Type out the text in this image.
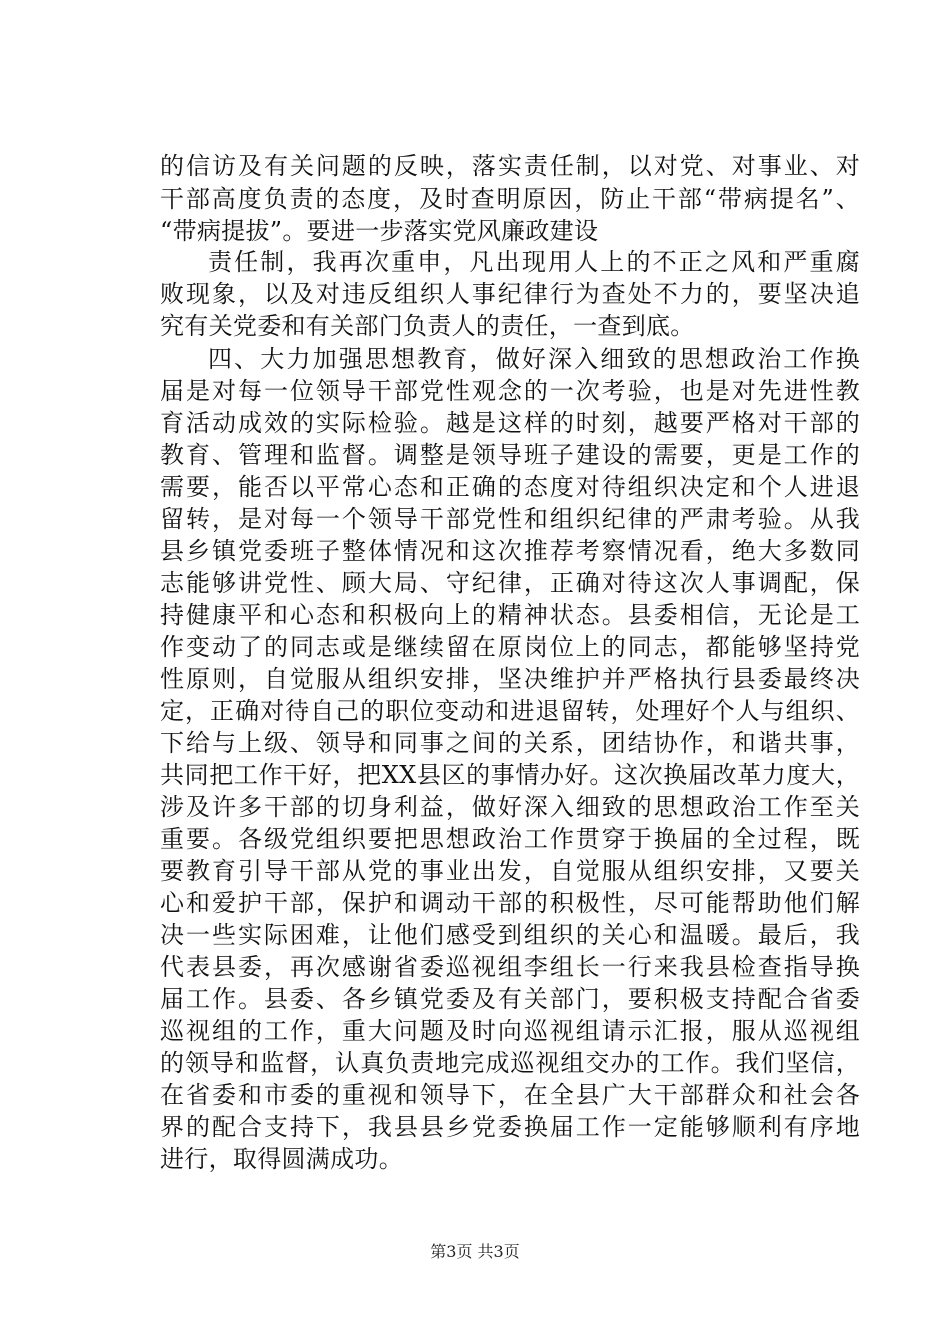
的信访及有关问题的反映，落实责任制，以对党、对事业、对
干部高度负责的态度，及时查明原因，防止干部“带病提名”、
“带病提拔”。要进一步落实党风廉政建设
责任制，我再次重申，凡出现用人上的不正之风和严重腐
败现象，以及对违反组织人事纪律行为查处不力的，要坚决追
究有关党委和有关部门负责人的责任，一查到底。
四、大力加强思想教育，做好深入细致的思想政治工作换
届是对每一位领导干部党性观念的一次考验，也是对先进性教
育活动成效的实际检验。越是这样的时刻，越要严格对干部的
教育、管理和监督。调整是领导班子建设的需要，更是工作的
需要，能否以平常心态和正确的态度对待组织决定和个人进退
留转，是对每一个领导干部党性和组织纪律的严肃考验。从我
县乡镇党委班子整体情况和这次推荐考察情况看，绝大多数同
志能够讲党性、顾大局、守纪律，正确对待这次人事调配，保
持健康平和心态和积极向上的精神状态。县委相信，无论是工
作变动了的同志或是继续留在原岗位上的同志，都能够坚持党
性原则，自觉服从组织安排，坚决维护并严格执行县委最终决
定，正确对待自己的职位变动和进退留转，处理好个人与组织、
下给与上级、领导和同事之间的关系，团结协作，和谐共事，
共同把工作干好，把XX县区的事情办好。这次换届改革力度大，
涉及许多干部的切身利益，做好深入细致的思想政治工作至关
重要。各级党组织要把思想政治工作贯穿于换届的全过程，既
要教育引导干部从党的事业出发，自觉服从组织安排，又要关
心和爱护干部，保护和调动干部的积极性，尽可能帮助他们解
决一些实际困难，让他们感受到组织的关心和温暖。最后，我
代表县委，再次感谢省委巡视组李组长一行来我县检查指导换
届工作。县委、各乡镇党委及有关部门，要积极支持配合省委
巡视组的工作，重大问题及时向巡视组请示汇报，服从巡视组
的领导和监督，认真负责地完成巡视组交办的工作。我们坚信，
在省委和市委的重视和领导下，在全县广大干部群众和社会各
界的配合支持下，我县县乡党委换届工作一定能够顺利有序地
进行，取得圆满成功。
第3页 共3页
